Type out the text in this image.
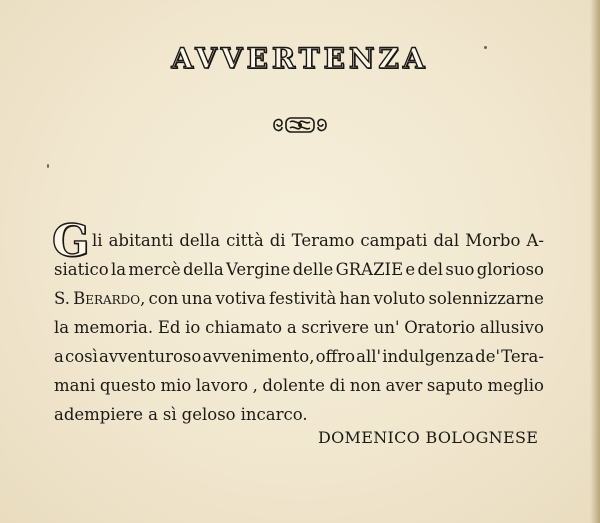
AVVERTENZA
G li abitanti della città di Teramo campati dal Morbo A-
siatico la mercè della Vergine delle GRAZIE e del suo glorioso
S. Berardo, con una votiva festività han voluto solennizzarne
la memoria. Ed io chiamato a scrivere un' Oratorio allusivo
a così avventuroso avvenimento, offro all' indulgenza de' Tera-
mani questo mio lavoro , dolente di non aver saputo meglio
adempiere a sì geloso incarco.
DOMENICO BOLOGNESE
